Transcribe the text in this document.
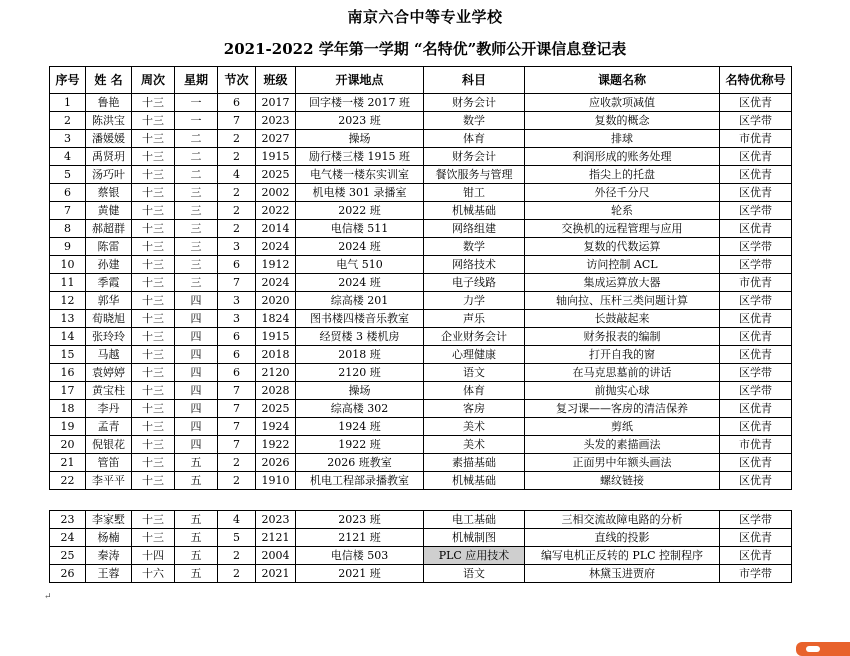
南京六合中等专业学校
2021-2022 学年第一学期 “名特优”教师公开课信息登记表
序号	姓 名	周次	星期	节次	班级	开课地点	科目	课题名称	名特优称号
1	鲁艳	十三	一	6	2017	回字楼一楼 2017 班	财务会计	应收款项减值	区优青
2	陈洪宝	十三	一	7	2023	2023 班	数学	复数的概念	区学带
3	潘媛媛	十三	二	2	2027	操场	体育	排球	市优青
4	禹贤玥	十三	二	2	1915	励行楼三楼 1915 班	财务会计	利润形成的账务处理	区优青
5	汤巧叶	十三	二	4	2025	电气楼一楼东实训室	餐饮服务与管理	指尖上的托盘	区优青
6	蔡银	十三	三	2	2002	机电楼 301 录播室	钳工	外径千分尺	区优青
7	黄健	十三	三	2	2022	2022 班	机械基础	轮系	区学带
8	郝超群	十三	三	2	2014	电信楼 511	网络组建	交换机的远程管理与应用	区优青
9	陈雷	十三	三	3	2024	2024 班	数学	复数的代数运算	区学带
10	孙建	十三	三	6	1912	电气 510	网络技术	访问控制 ACL	区学带
11	季霞	十三	三	7	2024	2024 班	电子线路	集成运算放大器	市优青
12	郭华	十三	四	3	2020	综高楼 201	力学	轴向拉、压杆三类问题计算	区学带
13	荀晓旭	十三	四	3	1824	图书楼四楼音乐教室	声乐	长鼓敲起来	区优青
14	张玲玲	十三	四	6	1915	经贸楼 3 楼机房	企业财务会计	财务报表的编制	区优青
15	马越	十三	四	6	2018	2018 班	心理健康	打开自我的窗	区优青
16	袁婷婷	十三	四	6	2120	2120 班	语文	在马克思墓前的讲话	区学带
17	黄宝柱	十三	四	7	2028	操场	体育	前抛实心球	区学带
18	李丹	十三	四	7	2025	综高楼 302	客房	复习课——客房的清洁保养	区优青
19	孟青	十三	四	7	1924	1924 班	美术	剪纸	区优青
20	倪银花	十三	四	7	1922	1922 班	美术	头发的素描画法	市优青
21	管笛	十三	五	2	2026	2026 班教室	素描基础	正面男中年额头画法	区优青
22	李平平	十三	五	2	1910	机电工程部录播教室	机械基础	螺纹链接	区优青
23	李家墅	十三	五	4	2023	2023 班	电工基础	三相交流故障电路的分析	区学带
24	杨楠	十三	五	5	2121	2121 班	机械制图	直线的投影	区优青
25	秦涛	十四	五	2	2004	电信楼 503	PLC 应用技术	编写电机正反转的 PLC 控制程序	区优青
26	王蓉	十六	五	2	2021	2021 班	语文	林黛玉进贾府	市学带
↵
